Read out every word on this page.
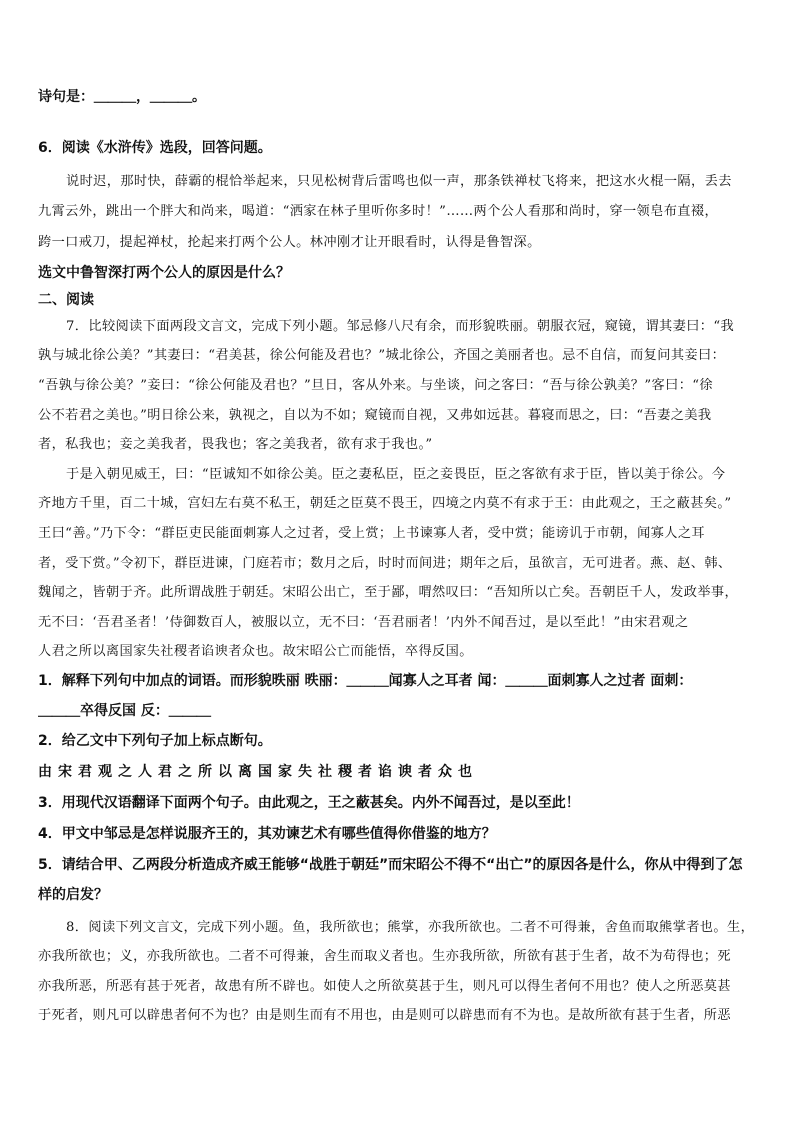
诗句是：＿＿＿，＿＿＿。
6．阅读《水浒传》选段，回答问题。
说时迟，那时快，薛霸的棍恰举起来，只见松树背后雷鸣也似一声，那条铁禅杖飞将来，把这水火棍一隔，丢去
九霄云外，跳出一个胖大和尚来，喝道：“洒家在林子里听你多时！”……两个公人看那和尚时，穿一领皂布直裰，
跨一口戒刀，提起禅杖，抡起来打两个公人。林冲刚才让开眼看时，认得是鲁智深。
选文中鲁智深打两个公人的原因是什么？
二、阅读
7．比较阅读下面两段文言文，完成下列小题。邹忌修八尺有余，而形貌昳丽。朝服衣冠，窥镜，谓其妻曰：“我
孰与城北徐公美？”其妻曰：“君美甚，徐公何能及君也？”城北徐公，齐国之美丽者也。忌不自信，而复问其妾曰：
“吾孰与徐公美？”妾曰：“徐公何能及君也？”旦日，客从外来。与坐谈，问之客曰：“吾与徐公孰美？”客曰：“徐
公不若君之美也。”明日徐公来，孰视之，自以为不如；窥镜而自视，又弗如远甚。暮寝而思之，曰：“吾妻之美我
者，私我也；妾之美我者，畏我也；客之美我者，欲有求于我也。”
于是入朝见威王，曰：“臣诚知不如徐公美。臣之妻私臣，臣之妾畏臣，臣之客欲有求于臣，皆以美于徐公。今
齐地方千里，百二十城，宫妇左右莫不私王，朝廷之臣莫不畏王，四境之内莫不有求于王：由此观之，王之蔽甚矣。”
王曰“善。”乃下令：“群臣吏民能面刺寡人之过者，受上赏；上书谏寡人者，受中赏；能谤讥于市朝，闻寡人之耳
者，受下赏。”令初下，群臣进谏，门庭若市；数月之后，时时而间进；期年之后，虽欲言，无可进者。燕、赵、韩、
魏闻之，皆朝于齐。此所谓战胜于朝廷。宋昭公出亡，至于鄙，喟然叹曰：“吾知所以亡矣。吾朝臣千人，发政举事，
无不曰：‘吾君圣者！’侍御数百人，被服以立，无不曰：‘吾君丽者！’内外不闻吾过，是以至此！”由宋君观之
人君之所以离国家失社稷者谄谀者众也。故宋昭公亡而能悟，卒得反国。
1．解释下列句中加点的词语。而形貌昳丽 昳丽：＿＿＿闻寡人之耳者 闻：＿＿＿面刺寡人之过者 面刺：
＿＿＿卒得反国 反：＿＿＿
2．给乙文中下列句子加上标点断句。
由宋君观之人君之所以离国家失社稷者谄谀者众也
3．用现代汉语翻译下面两个句子。由此观之，王之蔽甚矣。内外不闻吾过，是以至此！
4．甲文中邹忌是怎样说服齐王的，其劝谏艺术有哪些值得你借鉴的地方？
5．请结合甲、乙两段分析造成齐威王能够“战胜于朝廷”而宋昭公不得不“出亡”的原因各是什么，你从中得到了怎
样的启发？
8．阅读下列文言文，完成下列小题。鱼，我所欲也；熊掌，亦我所欲也。二者不可得兼，舍鱼而取熊掌者也。生，
亦我所欲也；义，亦我所欲也。二者不可得兼，舍生而取义者也。生亦我所欲，所欲有甚于生者，故不为苟得也；死
亦我所恶，所恶有甚于死者，故患有所不辟也。如使人之所欲莫甚于生，则凡可以得生者何不用也？使人之所恶莫甚
于死者，则凡可以辟患者何不为也？由是则生而有不用也，由是则可以辟患而有不为也。是故所欲有甚于生者，所恶
